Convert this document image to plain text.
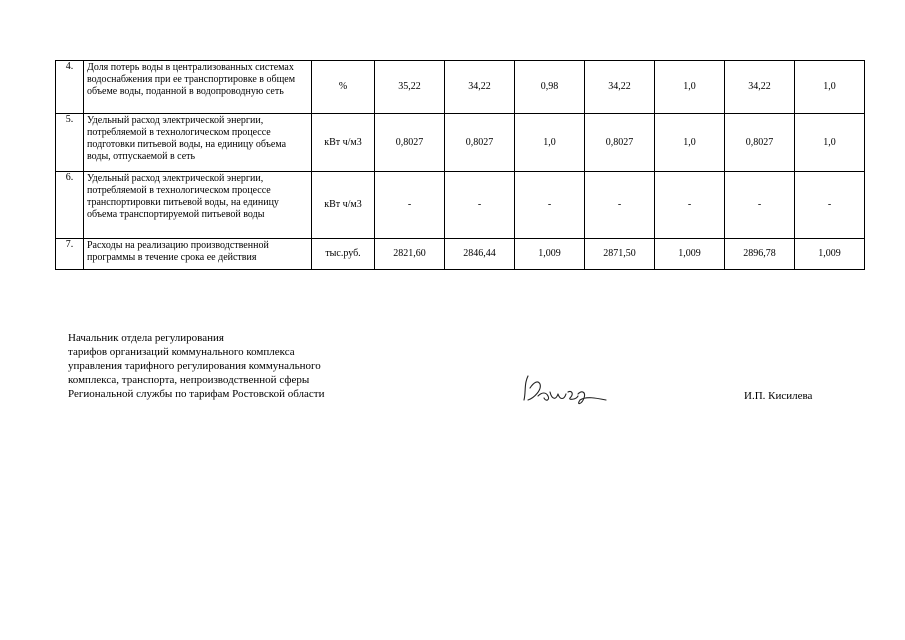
4.	Доля потерь воды в централизованных системах водоснабжения при ее транспортировке в общем объеме воды, поданной в водопроводную сеть	%	35,22	34,22	0,98	34,22	1,0	34,22	1,0
5.	Удельный расход электрической энергии, потребляемой в технологическом процессе подготовки питьевой воды, на единицу объема воды, отпускаемой в сеть	кВт ч/м3	0,8027	0,8027	1,0	0,8027	1,0	0,8027	1,0
6.	Удельный расход электрической энергии, потребляемой в технологическом процессе транспортировки питьевой воды, на единицу объема транспортируемой питьевой воды	кВт ч/м3	-	-	-	-	-	-	-
7.	Расходы на реализацию производственной программы в течение срока ее действия	тыс.руб.	2821,60	2846,44	1,009	2871,50	1,009	2896,78	1,009
Начальник отдела регулирования
тарифов организаций коммунального комплекса
управления тарифного регулирования коммунального
комплекса, транспорта, непроизводственной сферы
Региональной службы по тарифам Ростовской области	И.П. Кисилева
